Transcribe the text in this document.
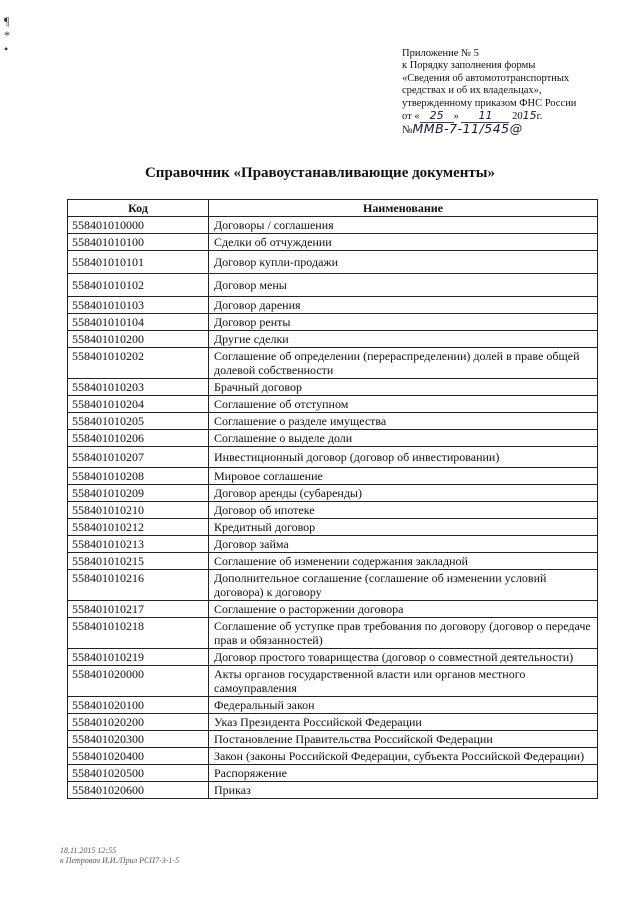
¶
*
•	Приложение № 5
к Порядку заполнения формы
«Сведения об автомототранспортных
средствах и об их владельцах»,
утвержденному приказом ФНС России
от « 25 » 11 2015г.
№ММВ-7-11/545@
Справочник «Правоустанавливающие документы»
Код	Наименование
558401010000	Договоры / соглашения
558401010100	Сделки об отчуждении
558401010101	Договор купли-продажи
558401010102	Договор мены
558401010103	Договор дарения
558401010104	Договор ренты
558401010200	Другие сделки
558401010202	Соглашение об определении (перераспределении) долей в праве общей долевой собственности
558401010203	Брачный договор
558401010204	Соглашение об отступном
558401010205	Соглашение о разделе имущества
558401010206	Соглашение о выделе доли
558401010207	Инвестиционный договор (договор об инвестировании)
558401010208	Мировое соглашение
558401010209	Договор аренды (субаренды)
558401010210	Договор об ипотеке
558401010212	Кредитный договор
558401010213	Договор займа
558401010215	Соглашение об изменении содержания закладной
558401010216	Дополнительное соглашение (соглашение об изменении условий договора) к договору
558401010217	Соглашение о расторжении договора
558401010218	Соглашение об уступке прав требования по договору (договор о передаче прав и обязанностей)
558401010219	Договор простого товарищества (договор о совместной деятельности)
558401020000	Акты органов государственной власти или органов местного самоуправления
558401020100	Федеральный закон
558401020200	Указ Президента Российской Федерации
558401020300	Постановление Правительства Российской Федерации
558401020400	Закон (законы Российской Федерации, субъекта Российской Федерации)
558401020500	Распоряжение
558401020600	Приказ
18.11.2015 12:55
к Петрович И.И./Прил РСП7-3-1-5
